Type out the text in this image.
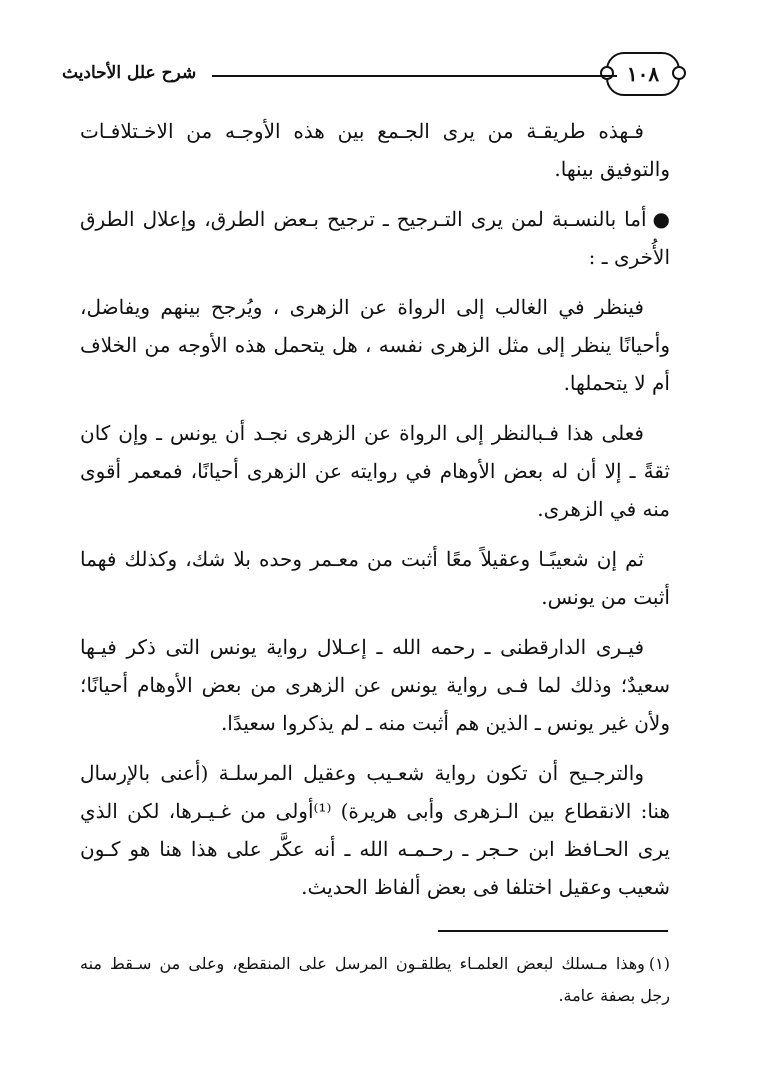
١٠٨
شرح علل الأحاديث

فـهذه طريقـة من يرى الجـمع بين هذه الأوجـه من الاخـتلافـات والتوفيق بينها.

●أما بالنسـبة لمن يرى التـرجيح ـ ترجيح بـعض الطرق، وإعلال الطرق الأُخرى ـ :

فينظر في الغالب إلى الرواة عن الزهرى ، ويُرجح بينهم ويفاضل، وأحيانًا ينظر إلى مثل الزهرى نفسه ، هل يتحمل هذه الأوجه من الخلاف أم لا يتحملها.

فعلى هذا فـبالنظر إلى الرواة عن الزهرى نجـد أن يونس ـ وإن كان ثقةً ـ إلا أن له بعض الأوهام في روايته عن الزهرى أحيانًا، فمعمر أقوى منه في الزهرى.

ثم إن شعيبًـا وعقيلاً معًا أثبت من معـمر وحده بلا شك، وكذلك فهما أثبت من يونس.

فيـرى الدارقطنى ـ رحمه الله ـ إعـلال رواية يونس التى ذكر فيـها سعيدٌ؛ وذلك لما فـى رواية يونس عن الزهرى من بعض الأوهام أحيانًا؛ ولأن غير يونس ـ الذين هم أثبت منه ـ لم يذكروا سعيدًا.

والترجـيح أن تكون رواية شعـيب وعقيل المرسلـة (أعنى بالإرسال هنا: الانقطاع بين الـزهرى وأبى هريرة) ⁽¹⁾أولى من غـيـرها، لكن الذي يرى الحـافظ ابن حـجر ـ رحـمـه الله ـ أنه عكَّر على هذا هنا هو كـون شعيب وعقيل اختلفا فى بعض ألفاظ الحديث.

(١)وهذا مـسلك لبعض العلمـاء يطلقـون المرسل على المنقطع، وعلى من سـقط منه رجل بصفة عامة.
